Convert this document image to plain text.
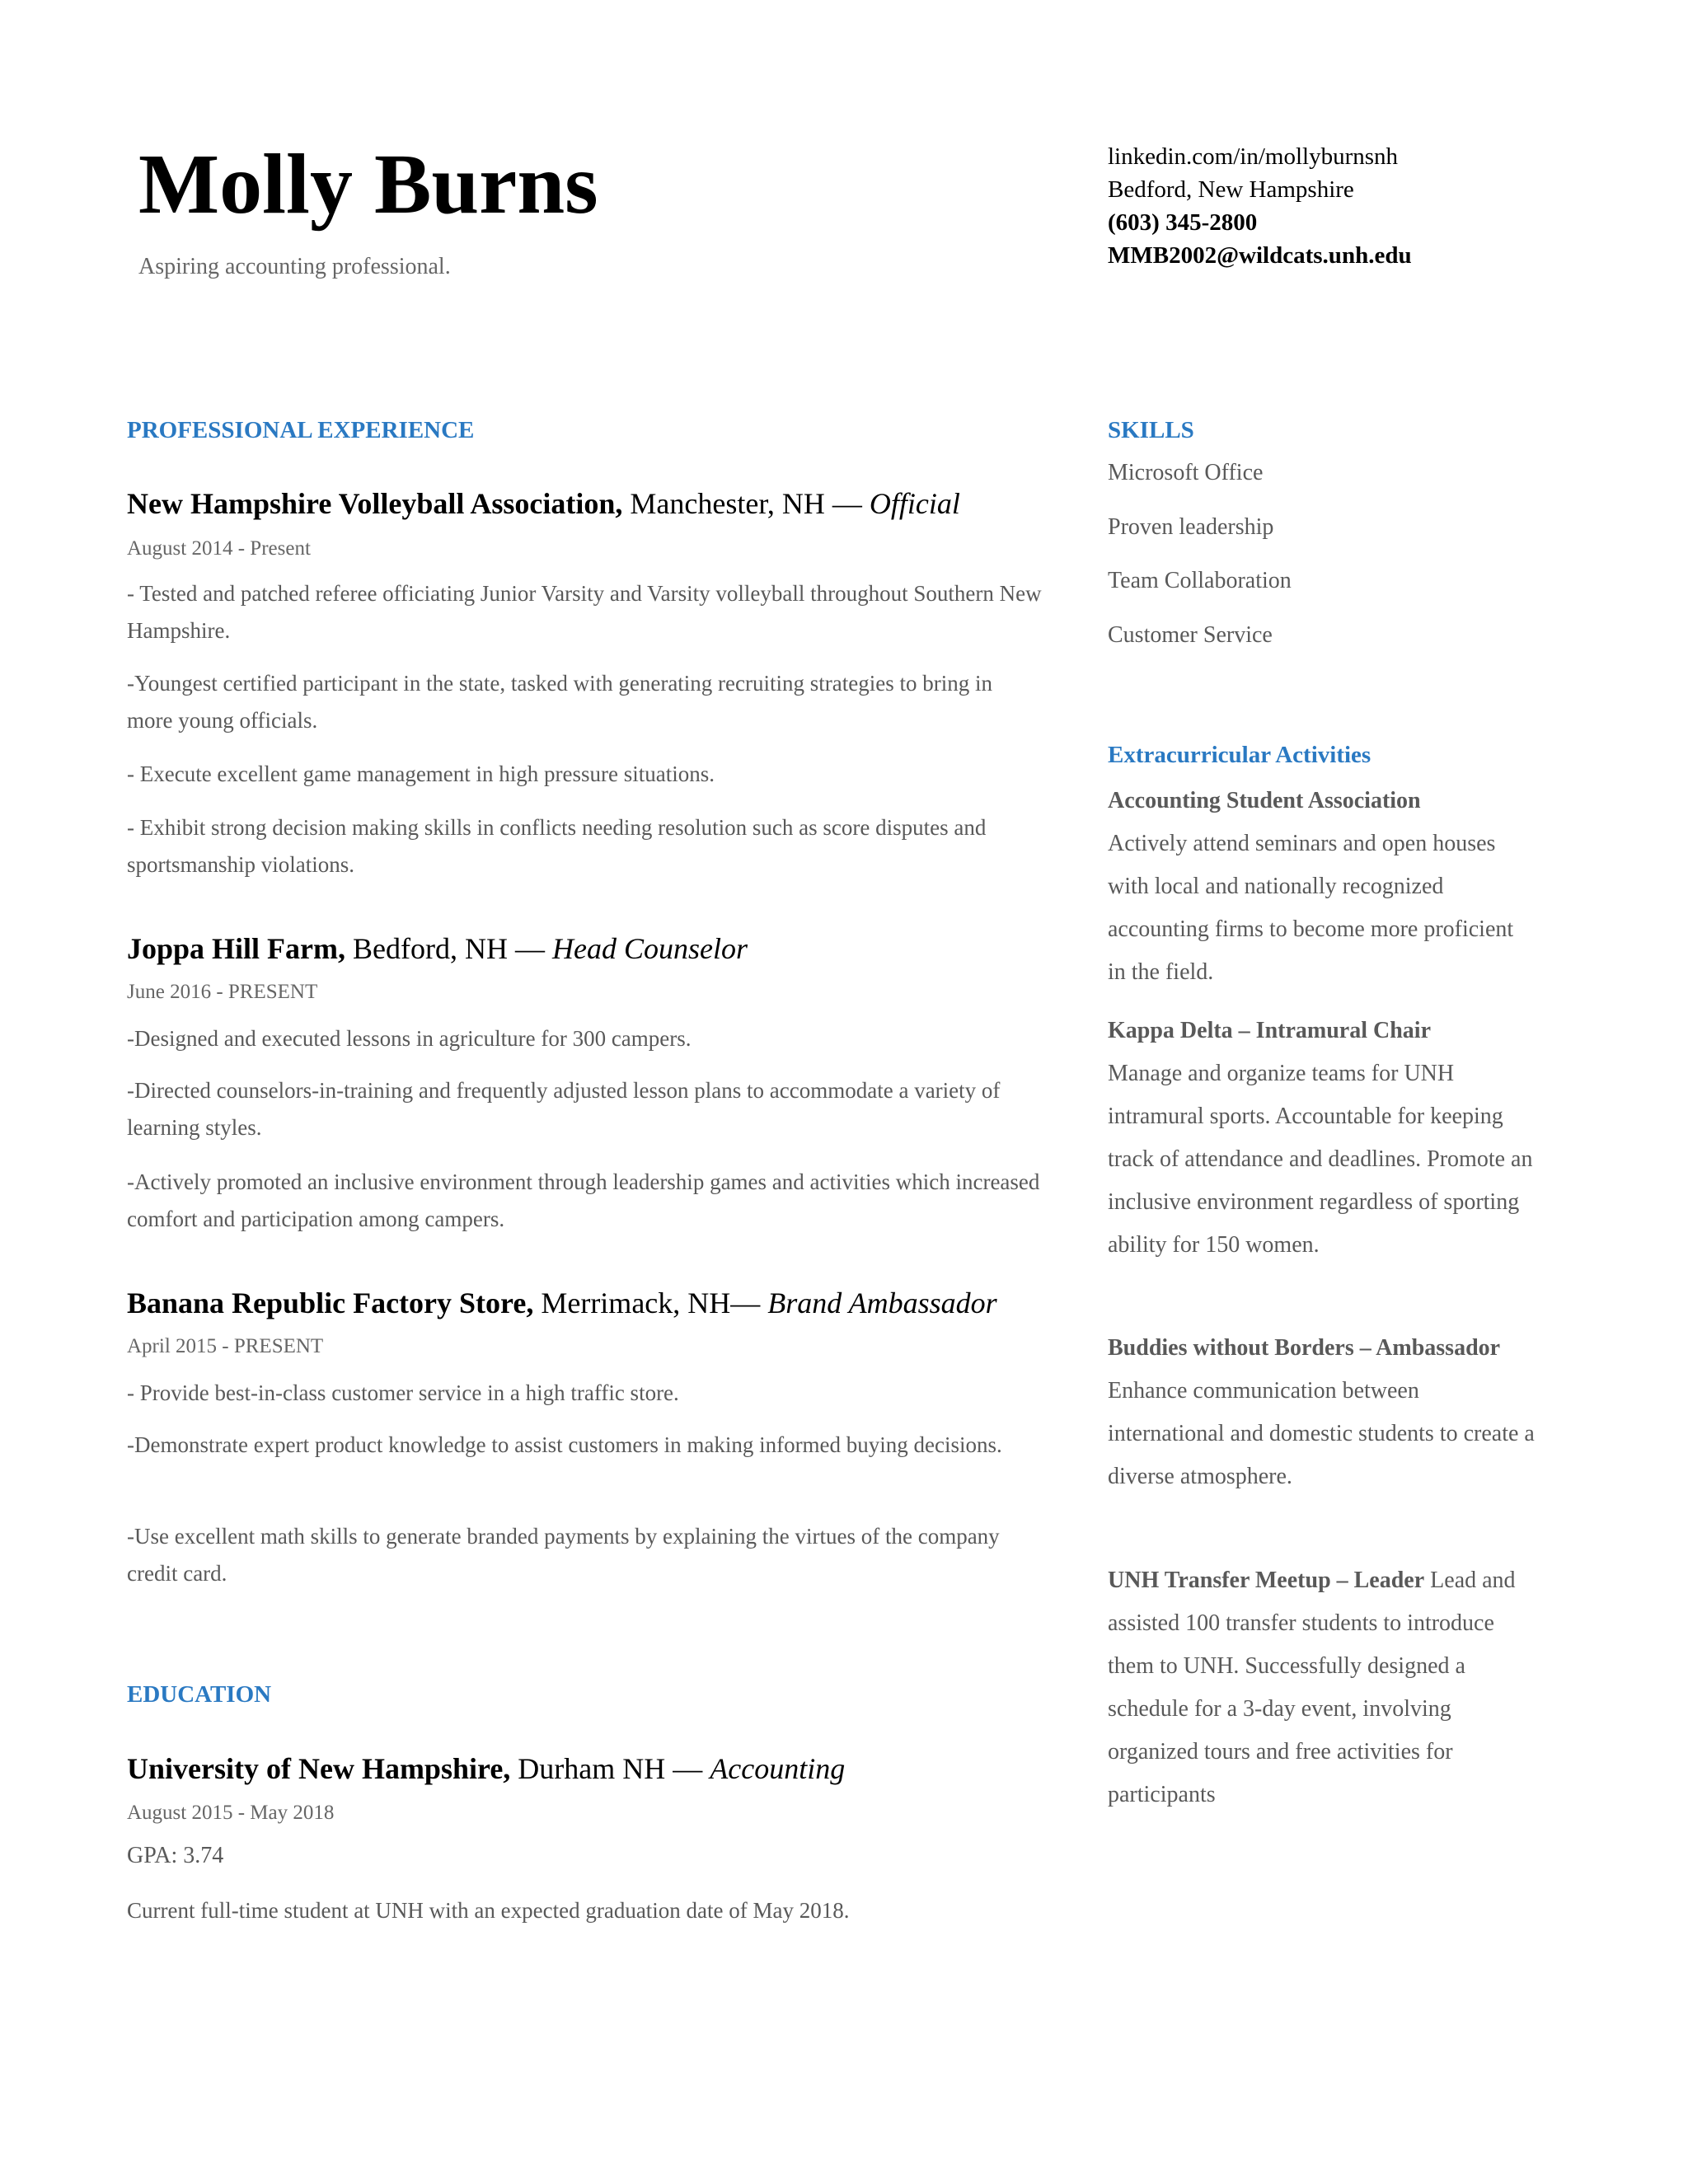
Molly Burns
Aspiring accounting professional.
linkedin.com/in/mollyburnsnh
Bedford, New Hampshire
(603) 345-2800
MMB2002@wildcats.unh.edu
PROFESSIONAL EXPERIENCE
New Hampshire Volleyball Association, Manchester, NH — Official
August 2014 - Present
- Tested and patched referee officiating Junior Varsity and Varsity volleyball throughout Southern New Hampshire.
-Youngest certified participant in the state, tasked with generating recruiting strategies to bring in more young officials.
- Execute excellent game management in high pressure situations.
- Exhibit strong decision making skills in conflicts needing resolution such as score disputes and sportsmanship violations.
Joppa Hill Farm, Bedford, NH — Head Counselor
June 2016 - PRESENT
-Designed and executed lessons in agriculture for 300 campers.
-Directed counselors-in-training and frequently adjusted lesson plans to accommodate a variety of learning styles.
-Actively promoted an inclusive environment through leadership games and activities which increased comfort and participation among campers.
Banana Republic Factory Store, Merrimack, NH— Brand Ambassador
April 2015 - PRESENT
- Provide best-in-class customer service in a high traffic store.
-Demonstrate expert product knowledge to assist customers in making informed buying decisions.
-Use excellent math skills to generate branded payments by explaining the virtues of the company credit card.
EDUCATION
University of New Hampshire, Durham NH — Accounting
August 2015 - May 2018
GPA: 3.74
Current full-time student at UNH with an expected graduation date of May 2018.
SKILLS
Microsoft Office
Proven leadership
Team Collaboration
Customer Service
Extracurricular Activities
Accounting Student Association
Actively attend seminars and open houses with local and nationally recognized accounting firms to become more proficient in the field.
Kappa Delta – Intramural Chair
Manage and organize teams for UNH intramural sports. Accountable for keeping track of attendance and deadlines. Promote an inclusive environment regardless of sporting ability for 150 women.
Buddies without Borders – Ambassador
Enhance communication between international and domestic students to create a diverse atmosphere.
UNH Transfer Meetup – Leader Lead and assisted 100 transfer students to introduce them to UNH. Successfully designed a schedule for a 3-day event, involving organized tours and free activities for participants
